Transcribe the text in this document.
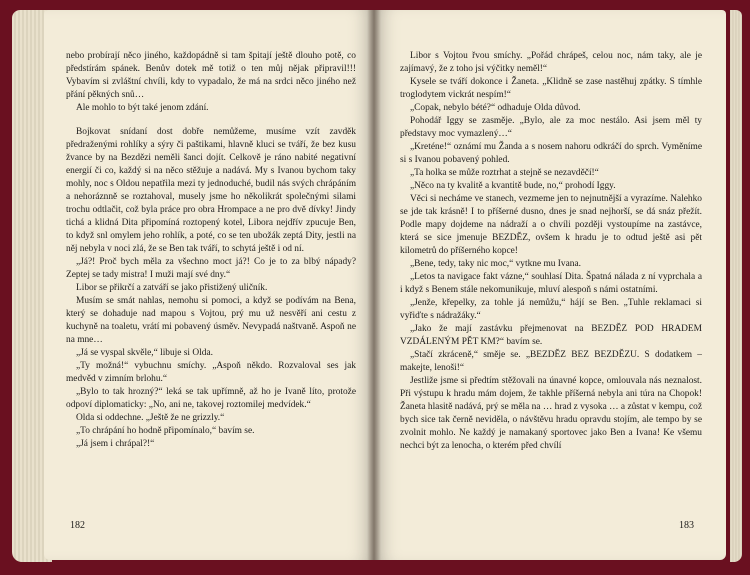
nebo probírají něco jiného, každopádně si tam špitají ještě dlouho potě, co předstírám spánek. Benův dotek mě totiž o ten můj nějak připravil!!! Vybavím si zvláštní chvíli, kdy to vypadalo, že má na srdci něco jiného než přání pěkných snů…

Ale mohlo to být také jenom zdání.

Bojkovat snídaní dost dobře nemůžeme, musíme vzít zavděk předraženými rohlíky a sýry či paštikami, hlavně kluci se tváří, že bez kusu žvance by na Bezdězi neměli šanci dojít. Celkově je ráno nabité negativní energií či co, každý si na něco stěžuje a nadává. My s Ivanou bychom taky mohly, noc s Oldou nepatřila mezi ty jednoduché, budil nás svých chrápáním a nehoráznně se roztahoval, musely jsme ho několikrát společnými silami trochu odtlačit, což byla práce pro obra Hrompace a ne pro dvě dívky! Jindy tichá a klidná Dita připomíná roztopený kotel, Libora nejdřív zpucuje Ben, to když snl omylem jeho rohlík, a poté, co se ten ubožák zeptá Dity, jestli na něj nebyla v noci zlá, že se Ben tak tváří, to schytá ještě i od ní.

„Já?! Proč bych měla za všechno moct já?! Co je to za blbý nápady? Zeptej se tady mistra! I muži mají své dny.“

Libor se přikrčí a zatváří se jako přistižený uličník.

Musím se smát nahlas, nemohu si pomoci, a když se podívám na Bena, který se dohaduje nad mapou s Vojtou, prý mu už nesvěří ani cestu z kuchyně na toaletu, vrátí mi pobavený úsměv. Nevypadá naštvaně. Aspoň ne na mne…

„Já se vyspal skvěle,“ libuje si Olda.

„Ty možná!“ vybuchnu smíchy. „Aspoň někdo. Rozvaloval ses jak medvěd v zimním brlohu.“

„Bylo to tak hrozný?“ leká se tak upřímně, až ho je Ivaně líto, protože odpoví diplomaticky: „No, ani ne, takovej roztomilej medvídek.“

Olda si oddechne. „Ještě že ne grizzly.“

„To chrápání ho hodně připomínalo,“ bavím se.

„Já jsem i chrápal?!“

182

Libor s Vojtou řvou smíchy. „Pořád chrápeš, celou noc, nám taky, ale je zajímavý, že z toho jsi výčitky neměl!“

Kysele se tváří dokonce i Žaneta. „Klidně se zase nastěhuj zpátky. S tímhle troglodytem vickrát nespím!“

„Copak, nebylo bété?“ odhaduje Olda důvod.

Pohodář Iggy se zasměje. „Bylo, ale za moc nestálo. Asi jsem měl ty představy moc vymazlený…“

„Kreténe!“ oznámí mu Žanda a s nosem nahoru odkráčí do sprch. Vyměníme si s Ivanou pobavený pohled.

„Ta holka se může roztrhat a stejně se nezavděčí!“

„Něco na ty kvalitě a kvantitě bude, no,“ prohodí Iggy.

Věci si necháme ve stanech, vezmeme jen to nejnutnější a vyrazíme. Nalehko se jde tak krásně! I to příšerné dusno, dnes je snad nejhorší, se dá snáz přežít. Podle mapy dojdeme na nádraží a o chvíli později vystoupíme na zastávce, která se sice jmenuje BEZDĚZ, ovšem k hradu je to odtud ještě asi pět kilometrů do příšerného kopce!

„Bene, tedy, taky nic moc,“ vytkne mu Ivana.

„Letos ta navigace fakt vázne,“ souhlasí Dita. Špatná nálada z ní vyprchala a i když s Benem stále nekomunikuje, mluví alespoň s námi ostatními.

„Jenže, křepelky, za tohle já nemůžu,“ hájí se Ben. „Tuhle reklamaci si vyřiďte s nádražáky.“

„Jako že mají zastávku přejmenovat na BEZDĚZ POD HRADEM VZDÁLENÝM PĚT KM?“ bavím se.

„Stačí zkráceně,“ směje se. „BEZDĚZ BEZ BEZDĚZU. S dodatkem – makejte, lenoši!“

Jestliže jsme si předtím stěžovali na únavné kopce, omlouvala nás neznalost. Při výstupu k hradu mám dojem, že takhle příšerná nebyla ani túra na Chopok! Žaneta hlasitě nadává, prý se měla na … hrad z vysoka … a zůstat v kempu, což bych sice tak černě neviděla, o návštěvu hradu opravdu stojím, ale tempo by se zvolnit mohlo. Ne každý je namakaný sportovec jako Ben a Ivana! Ke všemu nechci být za lenocha, o kterém před chvílí

183
